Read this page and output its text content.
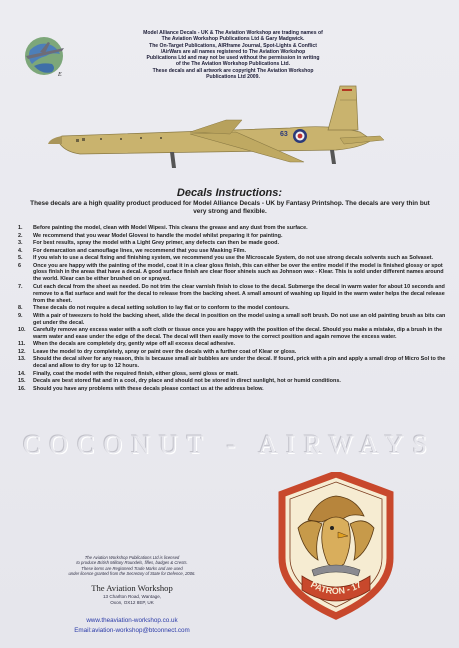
E
Model Alliance Decals - UK & The Aviation Workshop are trading names of
The Aviation Workshop Publications Ltd & Gary Madgwick.
The On-Target Publications, AIRframe Journal, Spot-Lights & Conflict
/AirWars are all names registered to The Aviation Workshop
Publications Ltd and may not be used without the permission in writing
of the The Aviation Workshop Publications Ltd.
These decals and all artwork are copyright The Aviation Workshop
Publications Ltd 2009.
63
Decals Instructions:
These decals are a high quality product produced for Model Alliance Decals - UK by Fantasy Printshop. The decals are very thin but very strong and flexible.
1.	Before painting the model, clean with Model Wipesi. This cleans the grease and any dust from the surface.
2.	We recommend that you wear Model Glovesi to handle the model whilst preparing it for painting.
3.	For best results, spray the model with a Light Grey primer, any defects can then be made good.
4.	For demarcation and camouflage lines, we recommend that you use Masking Film.
5.	If you wish to use a decal fixing and finishing system, we recommend you use the Microscale System, do not use strong decals solvents such as Solvaset.
6	Once you are happy with the painting of the model, coat it in a clear gloss finish, this can either be over the entire model if the model is finished glossy or spot gloss finish in the areas that have a decal. A good surface finish are clear floor shineis such as Johnson wax - Klear. This is sold under different names around the world. Klear can be either brushed on or sprayed.
7.	Cut each decal from the sheet as needed. Do not trim the clear varnish finish to close to the decal. Submerge the decal in warm water for about 10 seconds and remove to a flat surface and wait for the decal to release from the backing sheet. A small amount of washing up liquid in the warm water helps the decal release from the sheet.
8.	These decals do not require a decal setting solution to lay flat or to conform to the model contours.
9.	With a pair of tweezers to hold the backing sheet, slide the decal in position on the model using a small soft brush. Do not use an old painting brush as bits can get under the decal.
10.	Carefully remove any excess water with a soft cloth or tissue once you are happy with the position of the decal. Should you make a mistake, dip a brush in the warm water and ease under the edge of the decal. The decal will then easily move to the correct position and again remove the excess water.
11.	When the decals are completely dry, gently wipe off all excess decal adhesive.
12.	Leave the model to dry completely, spray or paint over the decals with a further coat of Klear or gloss.
13.	Should the decal silver for any reason, this is because small air bubbles are under the decal. If found, prick with a pin and apply a small drop of Micro Sol to the decal and allow to dry for up to 12 hours.
14.	Finally, coat the model with the required finish, either gloss, semi gloss or matt.
15.	Decals are best stored flat and in a cool, dry place and should not be stored in direct sunlight, hot or humid conditions.
16.	Should you have any problems with these decals please contact us at the address below.
COCONUT - AIRWAYS
The Aviation Workshop Publications Ltd is licensed
to produce British Military Roundels, fifles, badges & Crests.
These items are Registered Trade Marks and are used
under licence granted from the Secretary of State for Defence, 2006.
The Aviation Workshop
13 Charlton Road, Wantage,
Oxon, OX12 8EP, UK
www.theaviation-workshop.co.uk
Email:aviation-workshop@btconnect.com
PATRON - 17
